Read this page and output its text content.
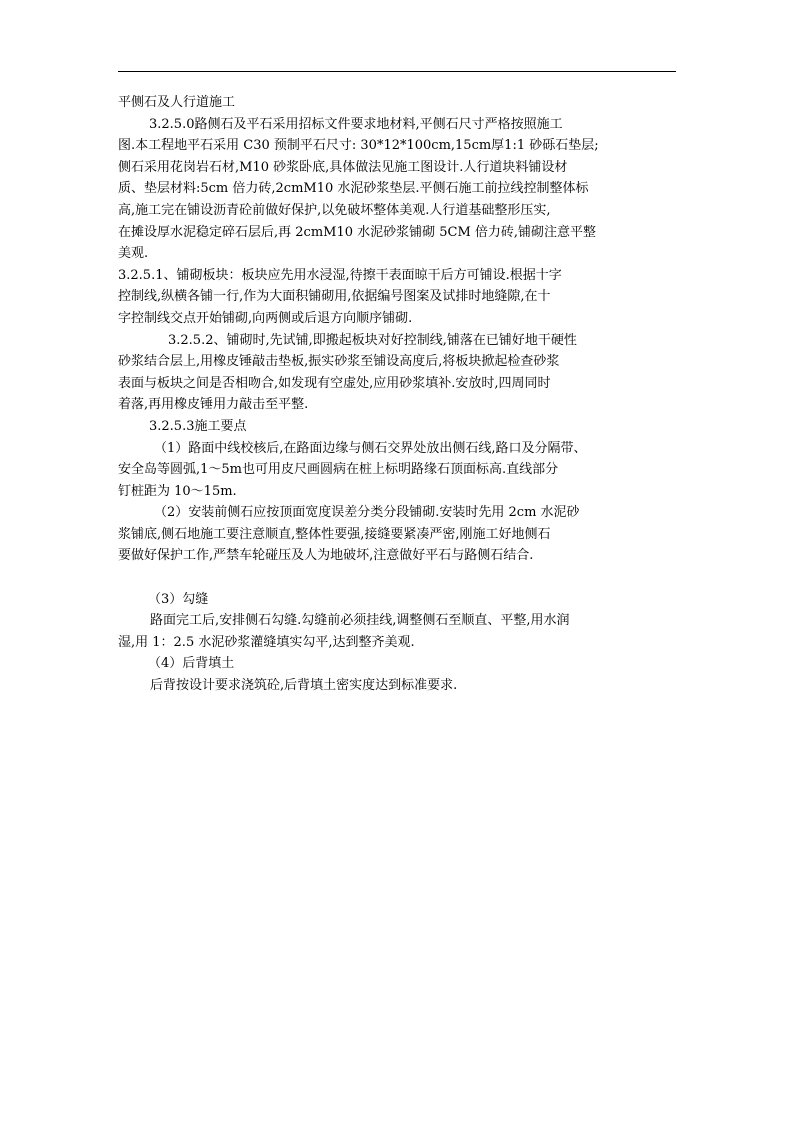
平侧石及人行道施工
3.2.5.0路侧石及平石采用招标文件要求地材料,平侧石尺寸严格按照施工
图.本工程地平石采用 C30 预制平石尺寸: 30*12*100cm,15cm厚1:1 砂砾石垫层;
侧石采用花岗岩石材,M10 砂浆卧底,具体做法见施工图设计.人行道块料铺设材
质、垫层材料:5cm 倍力砖,2cmM10 水泥砂浆垫层.平侧石施工前拉线控制整体标
高,施工完在铺设沥青砼前做好保护,以免破坏整体美观.人行道基础整形压实,
在摊设厚水泥稳定碎石层后,再 2cmM10 水泥砂浆铺砌 5CM 倍力砖,铺砌注意平整
美观.
3.2.5.1、铺砌板块：板块应先用水浸湿,待擦干表面晾干后方可铺设.根据十字
控制线,纵横各铺一行,作为大面积铺砌用,依据编号图案及试排时地缝隙,在十
字控制线交点开始铺砌,向两侧或后退方向顺序铺砌.
3.2.5.2、铺砌时,先试铺,即搬起板块对好控制线,铺落在已铺好地干硬性
砂浆结合层上,用橡皮锤敲击垫板,振实砂浆至铺设高度后,将板块掀起检查砂浆
表面与板块之间是否相吻合,如发现有空虚处,应用砂浆填补.安放时,四周同时
着落,再用橡皮锤用力敲击至平整.
3.2.5.3施工要点
（1）路面中线校核后,在路面边缘与侧石交界处放出侧石线,路口及分隔带、
安全岛等圆弧,1～5m也可用皮尺画圆病在桩上标明路缘石顶面标高.直线部分
钉桩距为 10～15m.
（2）安装前侧石应按顶面宽度误差分类分段铺砌.安装时先用 2cm 水泥砂
浆铺底,侧石地施工要注意顺直,整体性要强,接缝要紧凑严密,刚施工好地侧石
要做好保护工作,严禁车轮碰压及人为地破坏,注意做好平石与路侧石结合.
（3）勾缝
路面完工后,安排侧石勾缝.勾缝前必须挂线,调整侧石至顺直、平整,用水润
湿,用 1：2.5 水泥砂浆灌缝填实勾平,达到整齐美观.
（4）后背填土
后背按设计要求浇筑砼,后背填土密实度达到标准要求.
